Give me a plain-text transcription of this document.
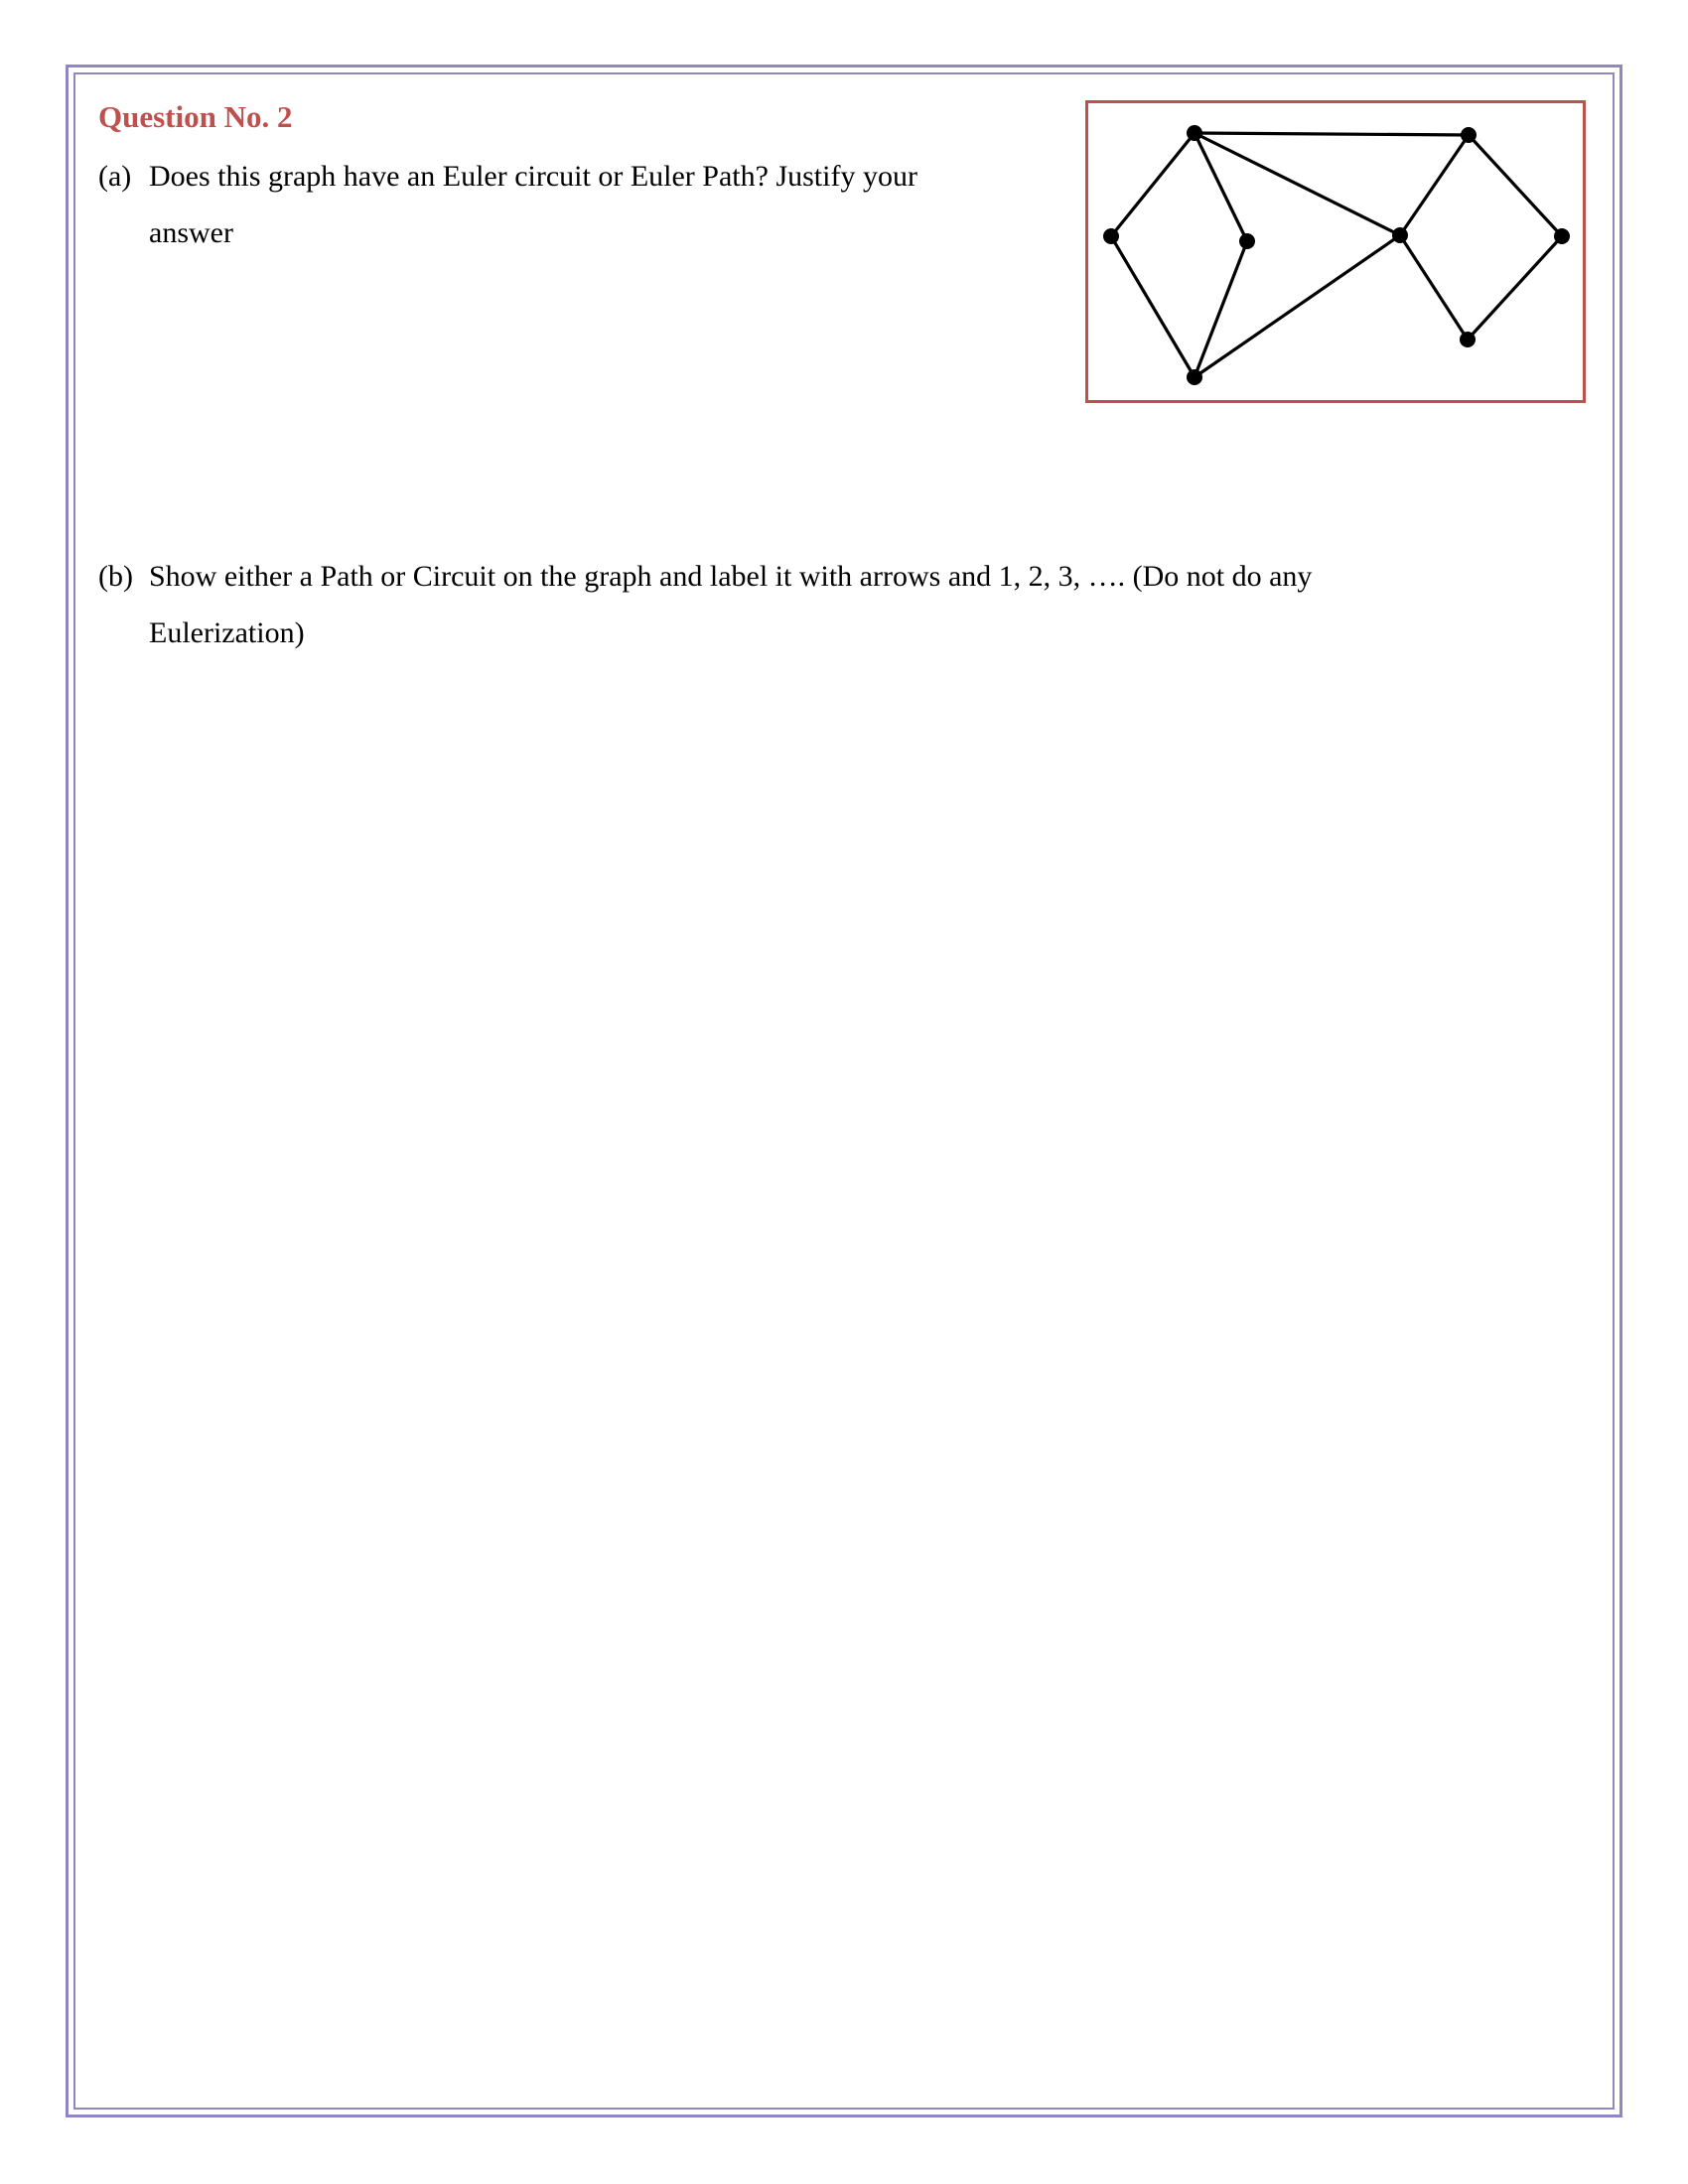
Question No. 2
(a) Does this graph have an Euler circuit or Euler Path? Justify your
answer
(b) Show either a Path or Circuit on the graph and label it with arrows and 1, 2, 3, …. (Do not do any
Eulerization)
